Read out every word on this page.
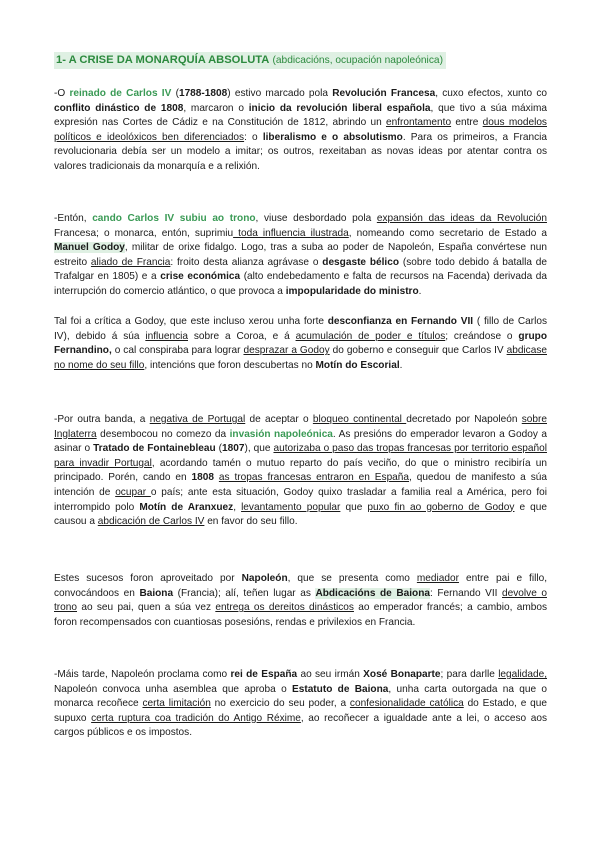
1- A CRISE DA MONARQUÍA ABSOLUTA (abdicacións, ocupación napoleónica)

-O reinado de Carlos IV (1788-1808) estivo marcado pola Revolución Francesa, cuxo efectos, xunto co conflito dinástico de 1808, marcaron o inicio da revolución liberal española, que tivo a súa máxima expresión nas Cortes de Cádiz e na Constitución de 1812, abrindo un enfrontamento entre dous modelos políticos e ideolóxicos ben diferenciados: o liberalismo e o absolutismo. Para os primeiros, a Francia revolucionaria debía ser un modelo a imitar; os outros, rexeitaban as novas ideas por atentar contra os valores tradicionais da monarquía e a relixión.

-Entón, cando Carlos IV subiu ao trono, viuse desbordado pola expansión das ideas da Revolución Francesa; o monarca, entón, suprimiu toda influencia ilustrada, nomeando como secretario de Estado a Manuel Godoy, militar de orixe fidalgo. Logo, tras a suba ao poder de Napoleón, España convértese nun estreito aliado de Francia: froito desta alianza agrávase o desgaste bélico (sobre todo debido á batalla de Trafalgar en 1805) e a crise económica (alto endebedamento e falta de recursos na Facenda) derivada da interrupción do comercio atlántico, o que provoca a impopularidade do ministro.

Tal foi a crítica a Godoy, que este incluso xerou unha forte desconfianza en Fernando VII ( fillo de Carlos IV), debido á súa influencia sobre a Coroa, e á acumulación de poder e títulos; creándose o grupo Fernandino, o cal conspiraba para lograr desprazar a Godoy do goberno e conseguir que Carlos IV abdicase no nome do seu fillo, intencións que foron descubertas no Motín do Escorial.

-Por outra banda, a negativa de Portugal de aceptar o bloqueo continental decretado por Napoleón sobre Inglaterra desembocou no comezo da invasión napoleónica. As presións do emperador levaron a Godoy a asinar o Tratado de Fontainebleau (1807), que autorizaba o paso das tropas francesas por territorio español para invadir Portugal, acordando tamén o mutuo reparto do país veciño, do que o ministro recibiría un principado. Porén, cando en 1808 as tropas francesas entraron en España, quedou de manifesto a súa intención de ocupar o país; ante esta situación, Godoy quixo trasladar a familia real a América, pero foi interrompido polo Motín de Aranxuez, levantamento popular que puxo fin ao goberno de Godoy e que causou a abdicación de Carlos IV en favor do seu fillo.

Estes sucesos foron aproveitado por Napoleón, que se presenta como mediador entre pai e fillo, convocándoos en Baiona (Francia); alí, teñen lugar as Abdicacións de Baiona: Fernando VII devolve o trono ao seu pai, quen a súa vez entrega os dereitos dinásticos ao emperador francés; a cambio, ambos foron recompensados con cuantiosas posesións, rendas e privilexios en Francia.

-Máis tarde, Napoleón proclama como rei de España ao seu irmán Xosé Bonaparte; para darlle legalidade, Napoleón convoca unha asemblea que aproba o Estatuto de Baiona, unha carta outorgada na que o monarca recoñece certa limitación no exercicio do seu poder, a confesionalidade católica do Estado, e que supuxo certa ruptura coa tradición do Antigo Réxime, ao recoñecer a igualdade ante a lei, o acceso aos cargos públicos e os impostos.
